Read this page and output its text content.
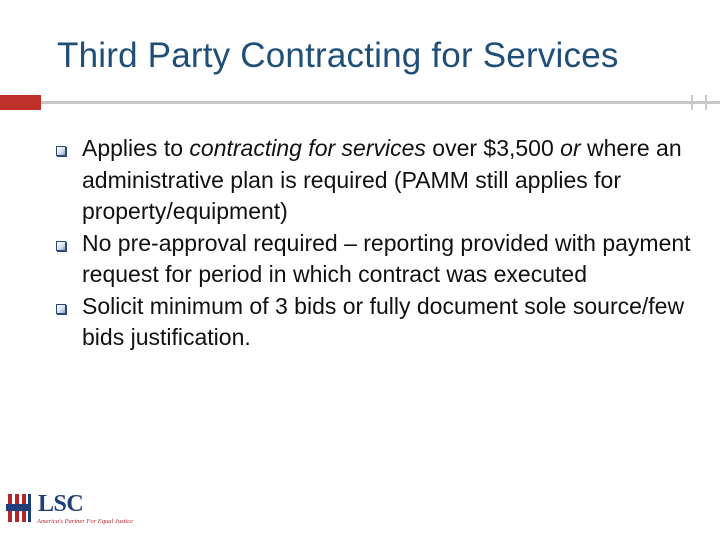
Third Party Contracting for Services
Applies to contracting for services over $3,500 or where an administrative plan is required (PAMM still applies for property/equipment)
No pre-approval required – reporting provided with payment request for period in which contract was executed
Solicit minimum of 3 bids or fully document sole source/few bids justification.
LSC
America's Partner For Equal Justice
